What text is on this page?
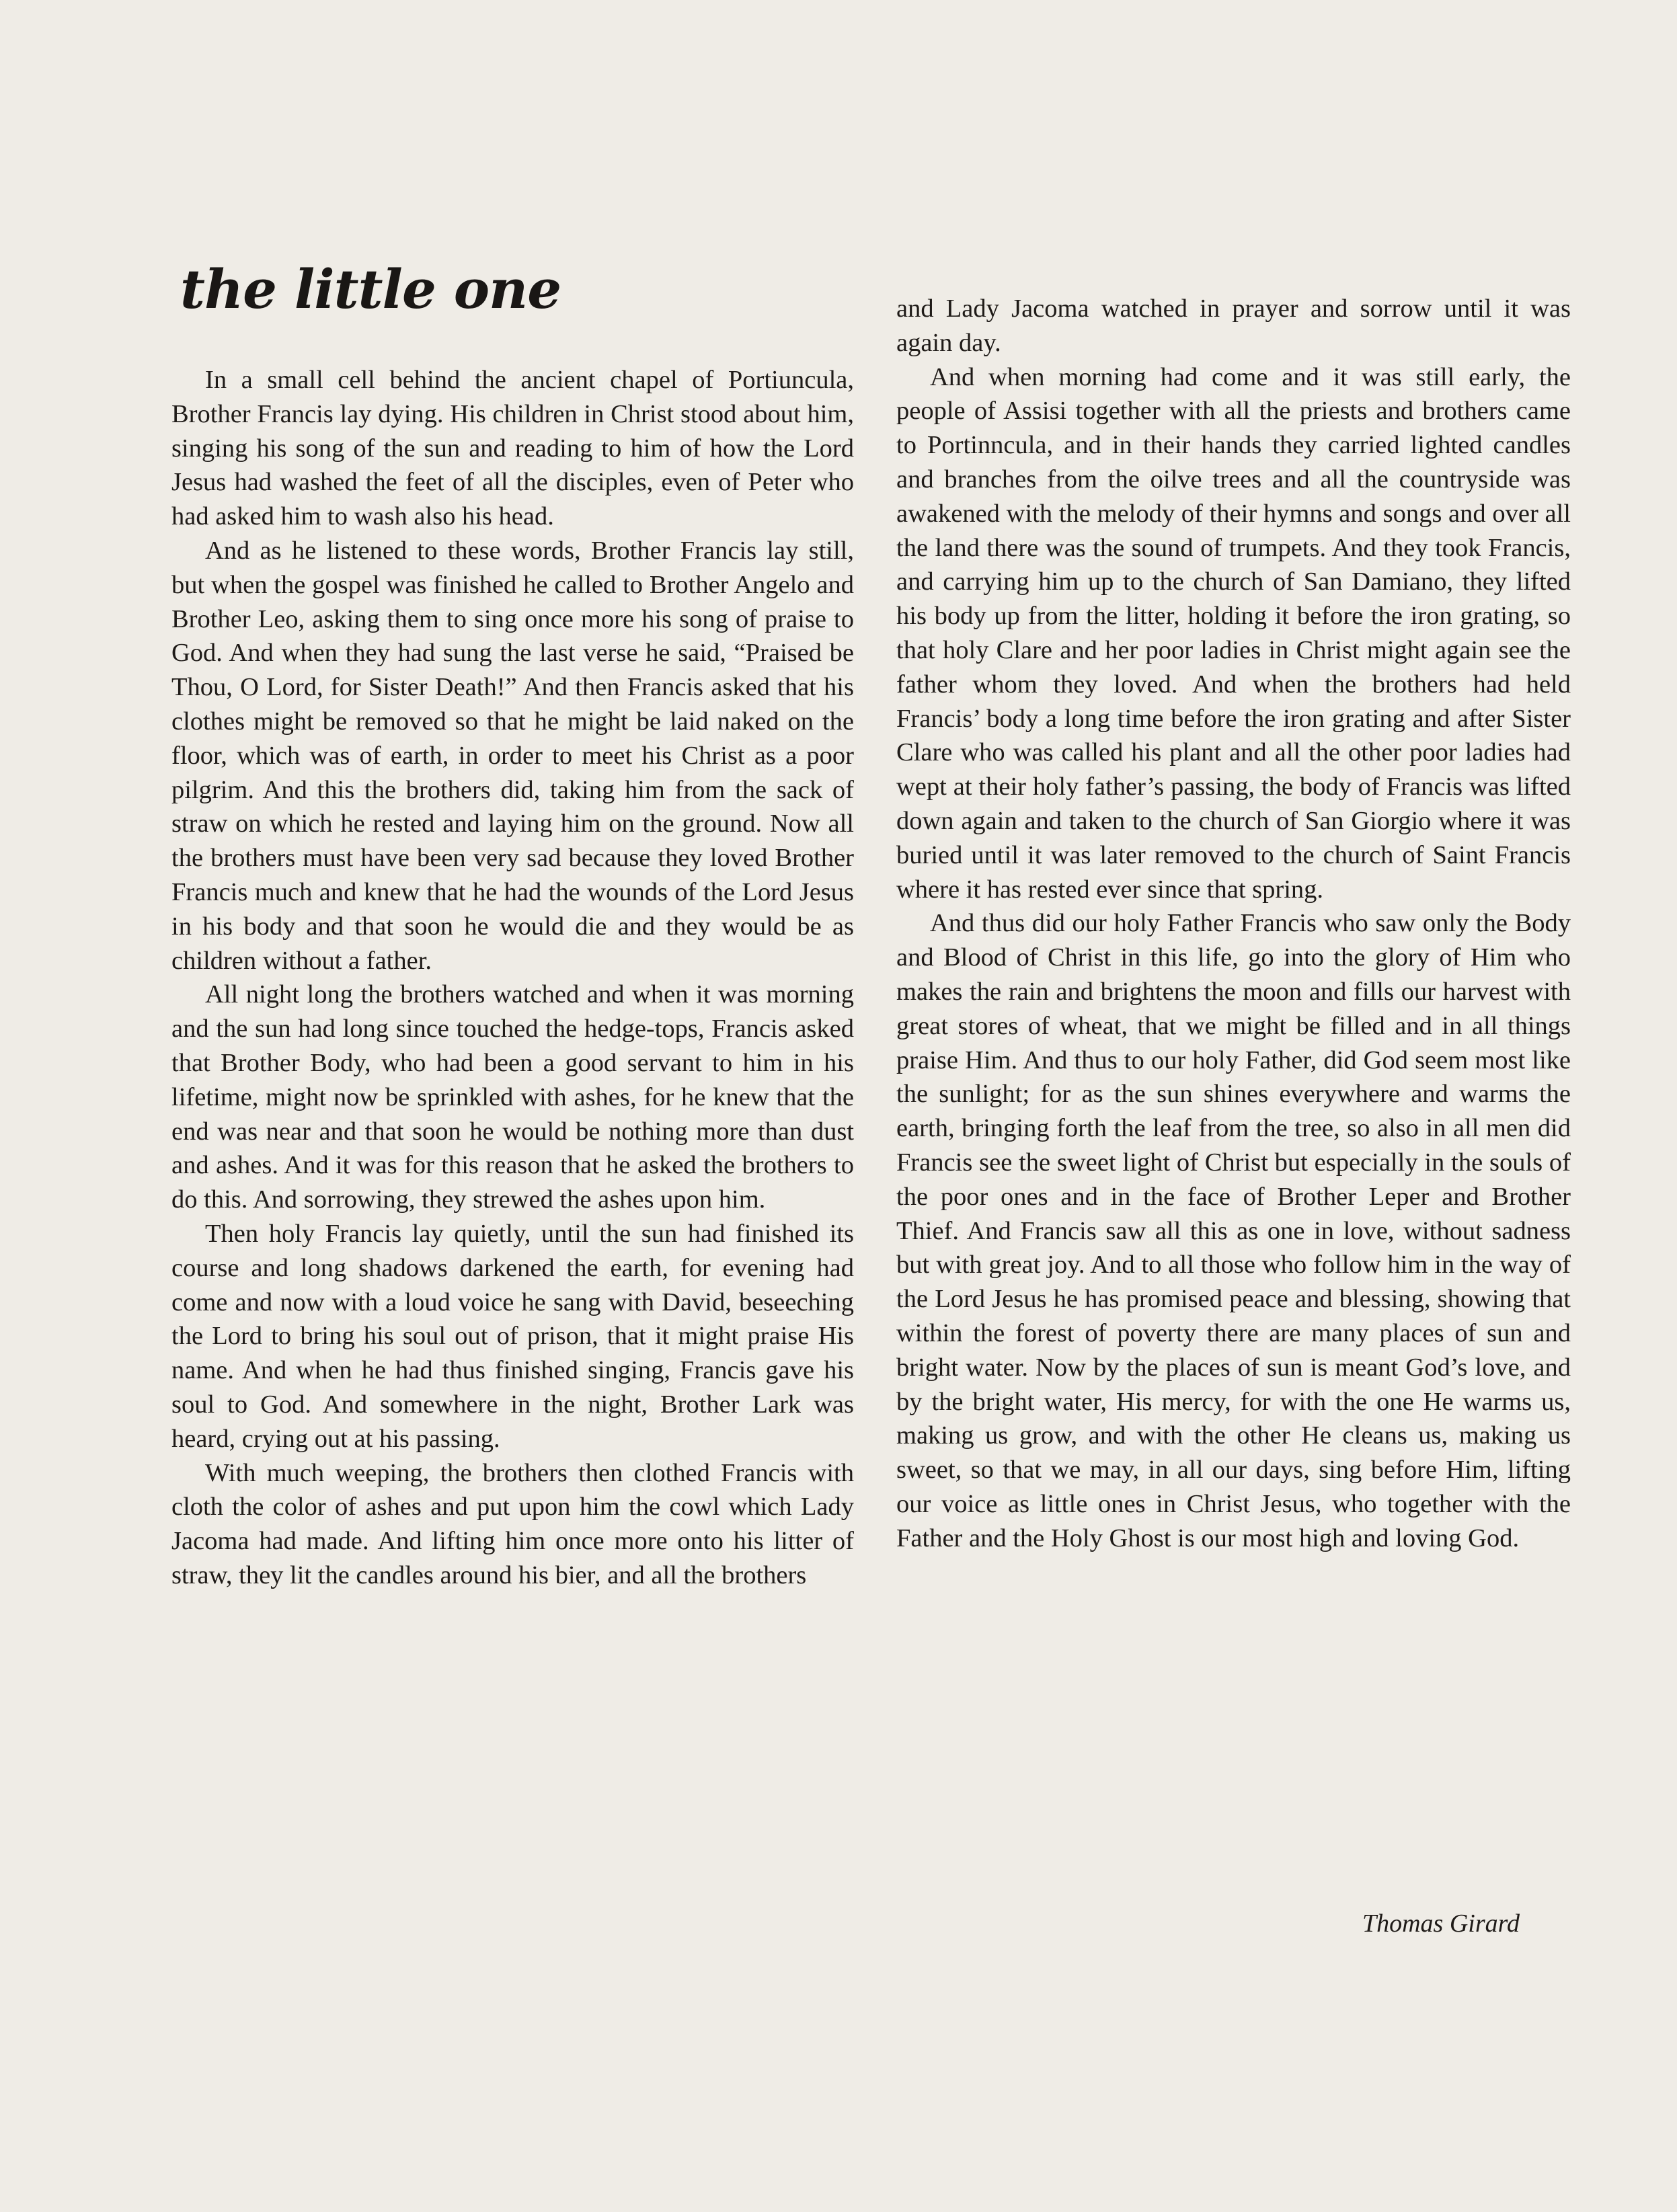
the little one

In a small cell behind the ancient chapel of Portiuncula, Brother Francis lay dying. His children in Christ stood about him, singing his song of the sun and reading to him of how the Lord Jesus had washed the feet of all the disciples, even of Peter who had asked him to wash also his head.

And as he listened to these words, Brother Francis lay still, but when the gospel was finished he called to Brother Angelo and Brother Leo, asking them to sing once more his song of praise to God. And when they had sung the last verse he said, “Praised be Thou, O Lord, for Sister Death!” And then Francis asked that his clothes might be removed so that he might be laid naked on the floor, which was of earth, in order to meet his Christ as a poor pilgrim. And this the brothers did, taking him from the sack of straw on which he rested and laying him on the ground. Now all the brothers must have been very sad because they loved Brother Francis much and knew that he had the wounds of the Lord Jesus in his body and that soon he would die and they would be as children without a father.

All night long the brothers watched and when it was morning and the sun had long since touched the hedge-tops, Francis asked that Brother Body, who had been a good servant to him in his lifetime, might now be sprinkled with ashes, for he knew that the end was near and that soon he would be nothing more than dust and ashes. And it was for this reason that he asked the brothers to do this. And sorrowing, they strewed the ashes upon him.

Then holy Francis lay quietly, until the sun had finished its course and long shadows darkened the earth, for evening had come and now with a loud voice he sang with David, beseeching the Lord to bring his soul out of prison, that it might praise His name. And when he had thus finished singing, Francis gave his soul to God. And somewhere in the night, Brother Lark was heard, crying out at his passing.

With much weeping, the brothers then clothed Francis with cloth the color of ashes and put upon him the cowl which Lady Jacoma had made. And lifting him once more onto his litter of straw, they lit the candles around his bier, and all the brothers

and Lady Jacoma watched in prayer and sorrow until it was again day.

And when morning had come and it was still early, the people of Assisi together with all the priests and brothers came to Portinncula, and in their hands they carried lighted candles and branches from the oilve trees and all the countryside was awakened with the melody of their hymns and songs and over all the land there was the sound of trumpets. And they took Francis, and carrying him up to the church of San Damiano, they lifted his body up from the litter, holding it before the iron grating, so that holy Clare and her poor ladies in Christ might again see the father whom they loved. And when the brothers had held Francis’ body a long time before the iron grating and after Sister Clare who was called his plant and all the other poor ladies had wept at their holy father’s passing, the body of Francis was lifted down again and taken to the church of San Giorgio where it was buried until it was later removed to the church of Saint Francis where it has rested ever since that spring.

And thus did our holy Father Francis who saw only the Body and Blood of Christ in this life, go into the glory of Him who makes the rain and brightens the moon and fills our harvest with great stores of wheat, that we might be filled and in all things praise Him. And thus to our holy Father, did God seem most like the sunlight; for as the sun shines everywhere and warms the earth, bringing forth the leaf from the tree, so also in all men did Francis see the sweet light of Christ but especially in the souls of the poor ones and in the face of Brother Leper and Brother Thief. And Francis saw all this as one in love, without sadness but with great joy. And to all those who follow him in the way of the Lord Jesus he has promised peace and blessing, showing that within the forest of poverty there are many places of sun and bright water. Now by the places of sun is meant God’s love, and by the bright water, His mercy, for with the one He warms us, making us grow, and with the other He cleans us, making us sweet, so that we may, in all our days, sing before Him, lifting our voice as little ones in Christ Jesus, who together with the Father and the Holy Ghost is our most high and loving God.

Thomas Girard
